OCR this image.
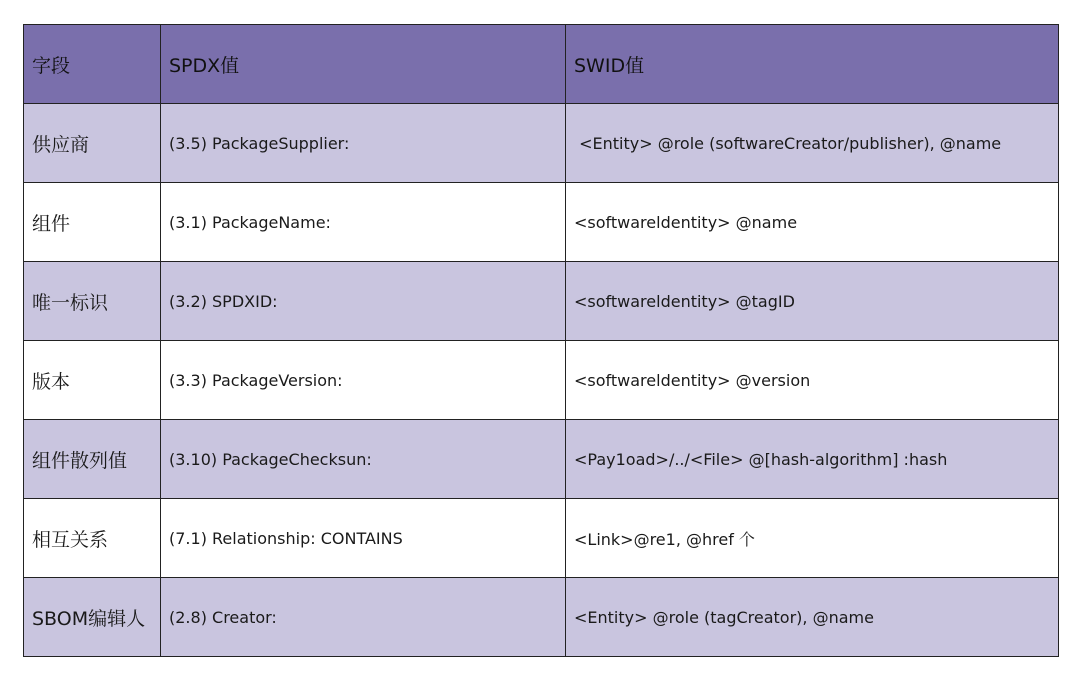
字段	SPDX值	SWID值
供应商	(3.5) PackageSupplier:	<Entity> @role (softwareCreator/publisher), @name
组件	(3.1) PackageName:	<softwareldentity> @name
唯一标识	(3.2) SPDXID:	<softwareldentity> @tagID
版本	(3.3) PackageVersion:	<softwareldentity> @version
组件散列值	(3.10) PackageChecksun:	<Pay1oad>/../<File> @[hash-algorithm] :hash
相互关系	(7.1) Relationship: CONTAINS	<Link>@re1, @href 个
SBOM编辑人	(2.8) Creator:	<Entity> @role (tagCreator), @name
